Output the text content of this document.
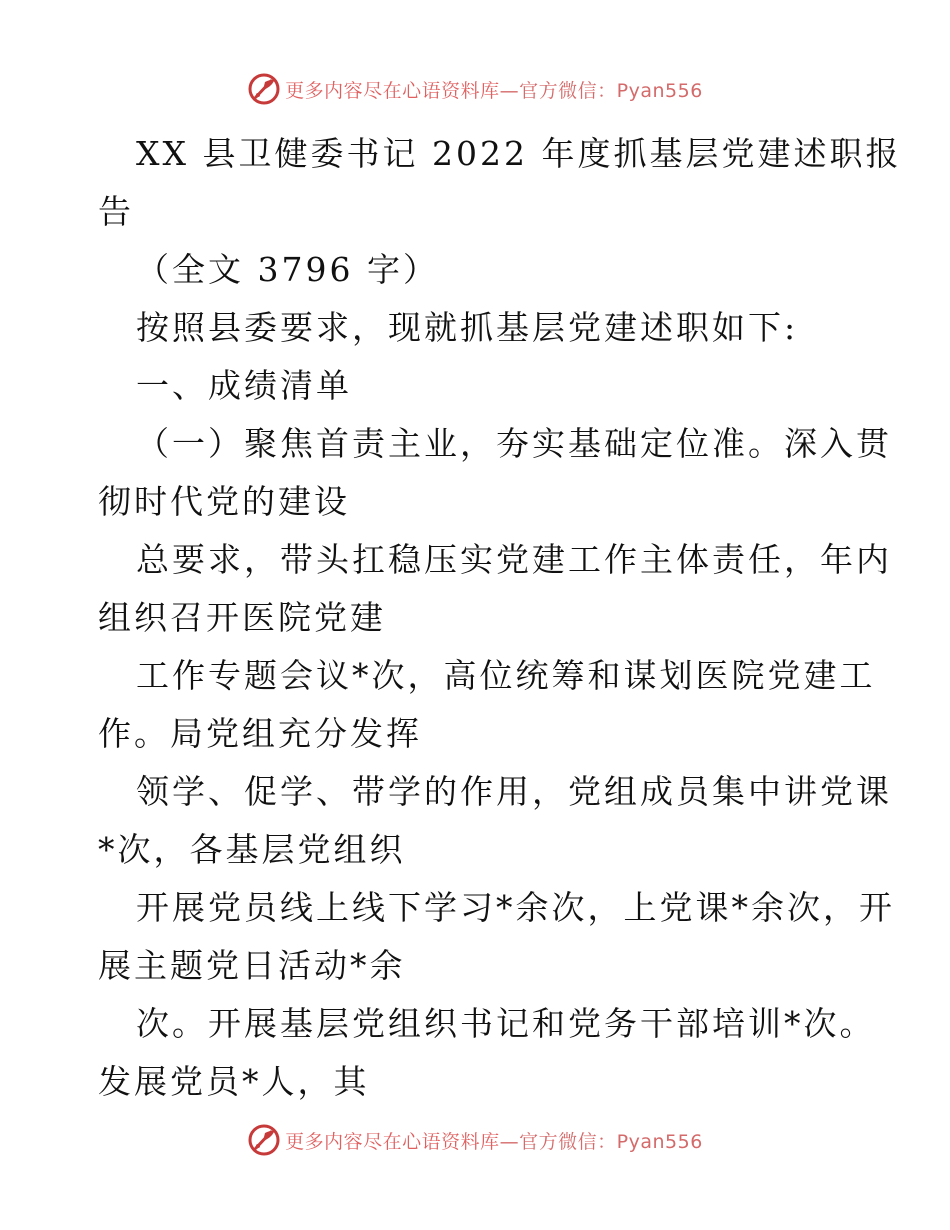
更多内容尽在心语资料库 —官方微信：Pyan556
XX 县卫健委书记 2022 年度抓基层党建述职报
告
（全文 3796 字）
按照县委要求，现就抓基层党建述职如下:
一、成绩清单
（一）聚焦首责主业，夯实基础定位准。深入贯
彻时代党的建设
总要求，带头扛稳压实党建工作主体责任，年内
组织召开医院党建
工作专题会议*次，高位统筹和谋划医院党建工
作。局党组充分发挥
领学、促学、带学的作用，党组成员集中讲党课
*次，各基层党组织
开展党员线上线下学习*余次，上党课*余次，开
展主题党日活动*余
次。开展基层党组织书记和党务干部培训*次。
发展党员*人，其
更多内容尽在心语资料库 —官方微信：Pyan556
